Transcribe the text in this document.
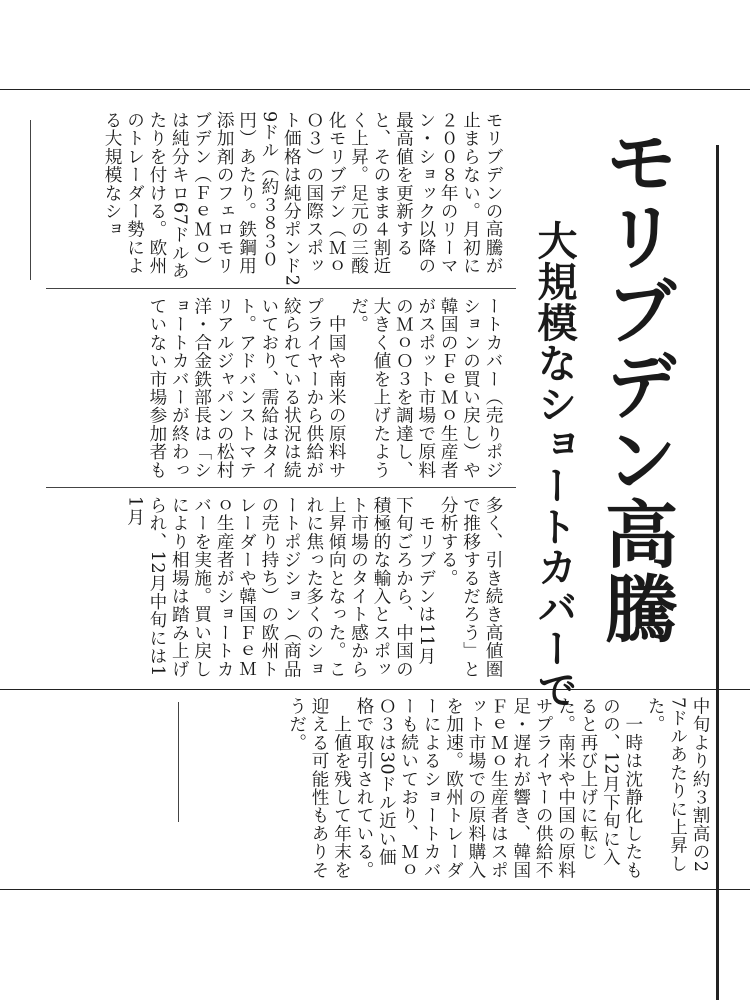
モリブデン高騰
大規模なショートカバーで
モリブデンの高騰が止まらない。月初に２００８年のリーマン・ショック以降の最高値を更新すると、そのまま４割近く上昇。足元の三酸化モリブデン（ＭｏＯ３）の国際スポット価格は純分ポンド29ドル（約３８３０円）あたり。鉄鋼用添加剤のフェロモリブデン（ＦｅＭｏ）は純分キロ67ドルあたりを付ける。欧州のトレーダー勢による大規模なショ
ートカバー（売りポジションの買い戻し）や韓国のＦｅＭｏ生産者がスポット市場で原料のＭｏＯ３を調達し、大きく値を上げたようだ。
　中国や南米の原料サプライヤーから供給が絞られている状況は続いており、需給はタイト。アドバンストマテリアルジャパンの松村洋・合金鉄部長は「ショートカバーが終わっていない市場参加者も
多く、引き続き高値圏で推移するだろう」と分析する。
　モリブデンは11月下旬ごろから、中国の積極的な輸入とスポット市場のタイト感から上昇傾向となった。これに焦った多くのショートポジション（商品の売り持ち）の欧州トレーダーや韓国ＦｅＭｏ生産者がショートカバーを実施。買い戻しにより相場は踏み上げられ、12月中旬には11月
中旬より約３割高の27ドルあたりに上昇した。
　一時は沈静化したものの、12月下旬に入ると再び上げに転じた。南米や中国の原料サプライヤーの供給不足・遅れが響き、韓国ＦｅＭｏ生産者はスポット市場での原料購入を加速。欧州トレーダーによるショートカバーも続いており、ＭｏＯ３は30ドル近い価格で取引されている。
　上値を残して年末を迎える可能性もありそうだ。
